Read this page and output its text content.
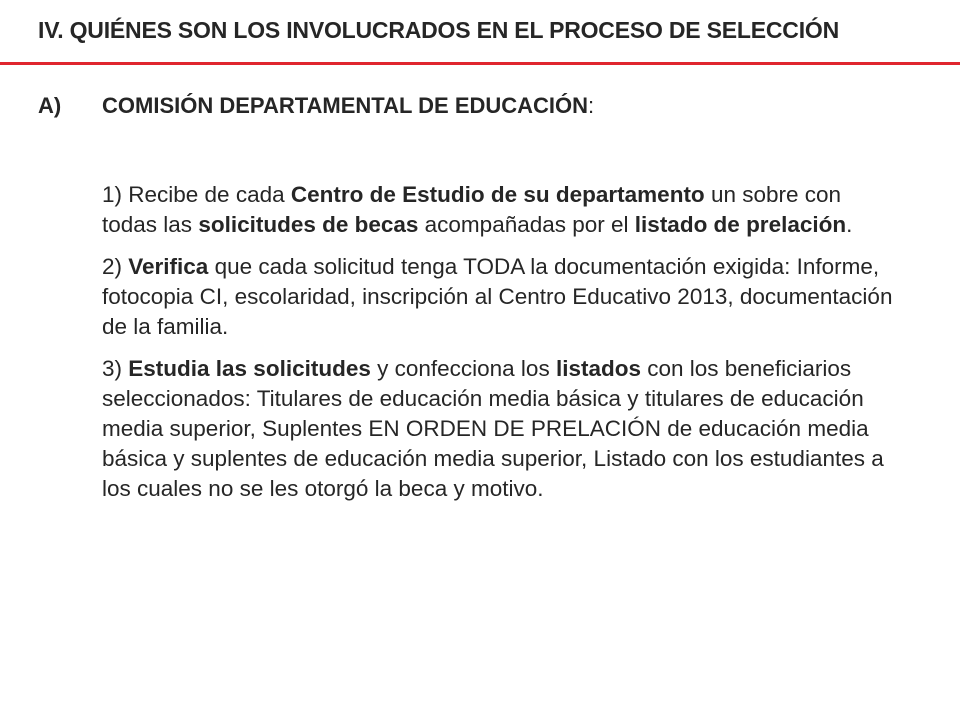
IV. QUIÉNES SON LOS INVOLUCRADOS EN EL PROCESO DE SELECCIÓN
A) COMISIÓN DEPARTAMENTAL DE EDUCACIÓN:

1) Recibe de cada Centro de Estudio de su departamento un sobre con todas las solicitudes de becas acompañadas por el listado de prelación.

2) Verifica que cada solicitud tenga TODA la documentación exigida: Informe, fotocopia CI, escolaridad, inscripción al Centro Educativo 2013, documentación de la familia.

3) Estudia las solicitudes y confecciona los listados con los beneficiarios seleccionados: Titulares de educación media básica y titulares de educación media superior, Suplentes EN ORDEN DE PRELACIÓN de educación media básica y suplentes de educación media superior, Listado con los estudiantes a los cuales no se les otorgó la beca y motivo.
